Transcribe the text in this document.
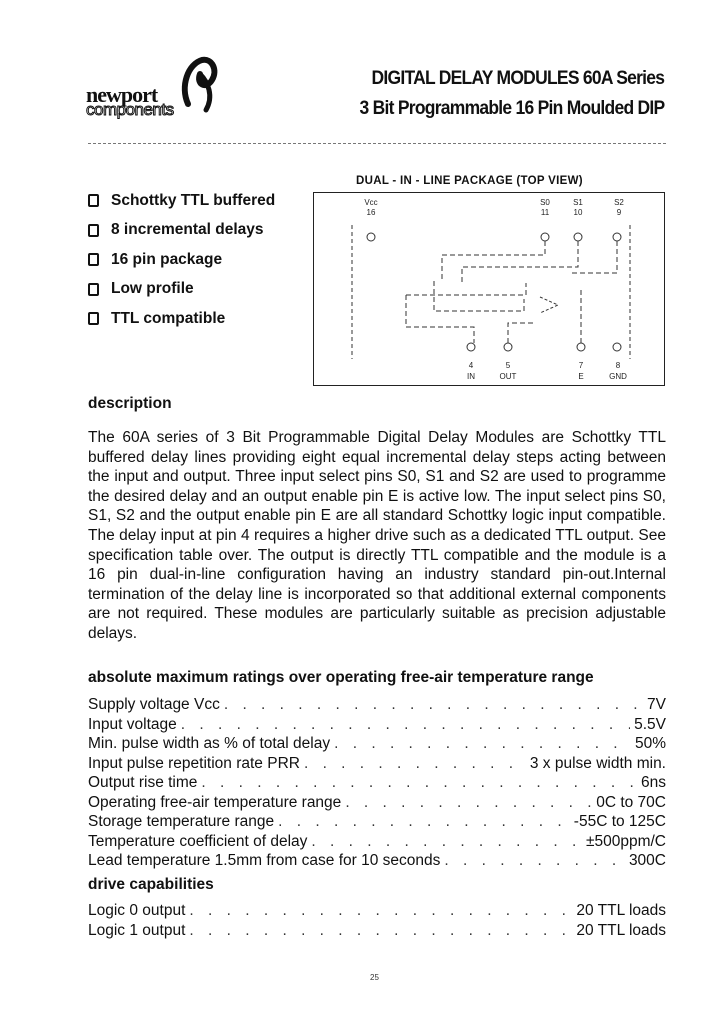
newport
components
DIGITAL DELAY MODULES 60A Series
3 Bit Programmable 16 Pin Moulded DIP
Schottky TTL buffered
8 incremental delays
16 pin package
Low profile
TTL compatible
DUAL - IN - LINE PACKAGE (TOP VIEW)
Vcc
16
S0
11
S1
10
S2
9
4
IN
5
OUT
7
E
8
GND
description

The 60A series of 3 Bit Programmable Digital Delay Modules are Schottky TTL buffered delay lines providing eight equal incremental delay steps acting between the input and output. Three input select pins S0, S1 and S2 are used to programme the desired delay and an output enable pin E is active low. The input select pins S0, S1, S2 and the output enable pin E are all standard Schottky logic input compatible. The delay input at pin 4 requires a higher drive such as a dedicated TTL output. See specification table over. The output is directly TTL compatible and the module is a 16 pin dual-in-line configuration having an industry standard pin-out.Internal termination of the delay line is incorporated so that additional external components are not required. These modules are particularly suitable as precision adjustable delays.

absolute maximum ratings over operating free-air temperature range
Supply voltage Vcc . . .	7V
Input voltage . . .	5.5V
Min. pulse width as % of total delay . . .	50%
Input pulse repetition rate PRR . . .	3 x pulse width min.
Output rise time . . .	6ns
Operating free-air temperature range . . .	0C to 70C
Storage temperature range . . .	-55C to 125C
Temperature coefficient of delay . . .	±500ppm/C
Lead temperature 1.5mm from case for 10 seconds . . .	300C
drive capabilities
Logic 0 output . . .	20 TTL loads
Logic 1 output . . .	20 TTL loads
25
